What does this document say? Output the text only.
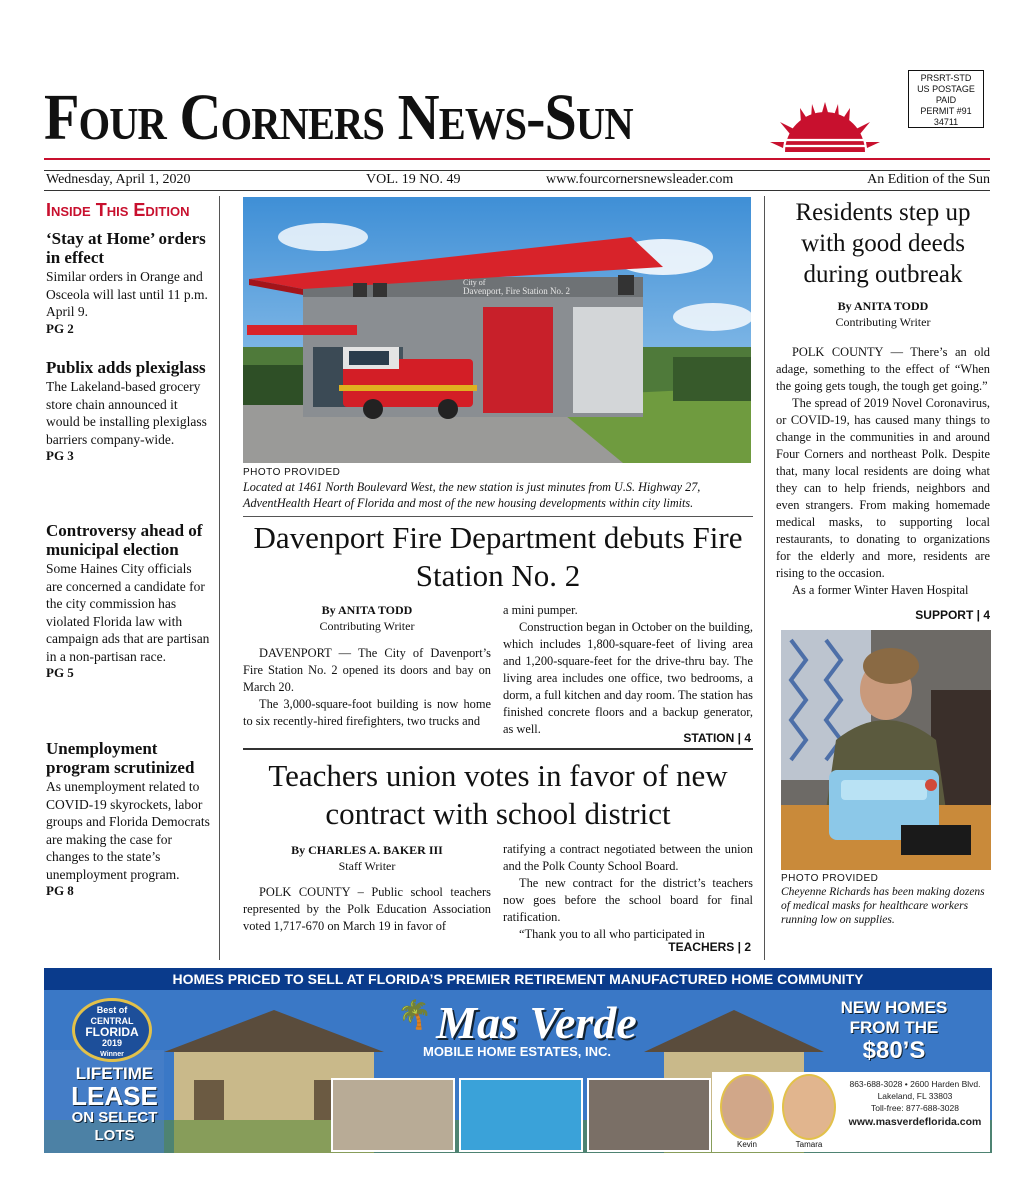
Four Corners News-Sun
PRSRT-STD
US POSTAGE
PAID
PERMIT #91
34711
Wednesday, April 1, 2020	VOL. 19 NO. 49	www.fourcornersnewsleader.com	An Edition of the Sun
Inside This Edition
‘Stay at Home’ orders in effect
Similar orders in Orange and Osceola will last until 11 p.m. April 9.
PG 2
Publix adds plexiglass
The Lakeland-based grocery store chain announced it would be installing plexiglass barriers company-wide.
PG 3
Controversy ahead of municipal election
Some Haines City officials are concerned a candidate for the city commission has violated Florida law with campaign ads that are partisan in a non-partisan race.
PG 5
Unemployment program scrutinized
As unemployment related to COVID-19 skyrockets, labor groups and Florida Democrats are making the case for changes to the state’s unemployment program.
PG 8
City of
Davenport, Fire Station No. 2
PHOTO PROVIDED
Located at 1461 North Boulevard West, the new station is just minutes from U.S. Highway 27, AdventHealth Heart of Florida and most of the new housing developments within city limits.
Davenport Fire Department debuts Fire Station No. 2
By ANITA TODD
Contributing Writer

DAVENPORT — The City of Davenport’s Fire Station No. 2 opened its doors and bay on March 20.

The 3,000-square-foot building is now home to six recently-hired firefighters, two trucks and

a mini pumper.

Construction began in October on the building, which includes 1,800-square-feet of living area and 1,200-square-feet for the drive-thru bay. The living area includes one office, two bedrooms, a dorm, a full kitchen and day room. The station has finished concrete floors and a backup generator, as well.

STATION | 4
Teachers union votes in favor of new contract with school district
By CHARLES A. BAKER III
Staff Writer

POLK COUNTY – Public school teachers represented by the Polk Education Association voted 1,717-670 on March 19 in favor of

ratifying a contract negotiated between the union and the Polk County School Board.

The new contract for the district’s teachers now goes before the school board for final ratification.

“Thank you to all who participated in

TEACHERS | 2
Residents step up with good deeds during outbreak
By ANITA TODD
Contributing Writer

POLK COUNTY — There’s an old adage, something to the effect of “When the going gets tough, the tough get going.”

The spread of 2019 Novel Coronavirus, or COVID-19, has caused many things to change in the communities in and around Four Corners and northeast Polk. Despite that, many local residents are doing what they can to help friends, neighbors and even strangers. From making homemade medical masks, to supporting local restaurants, to donating to organizations for the elderly and more, residents are rising to the occasion.

As a former Winter Haven Hospital

SUPPORT | 4
PHOTO PROVIDED
Cheyenne Richards has been making dozens of medical masks for healthcare workers running low on supplies.
HOMES PRICED TO SELL AT FLORIDA’S PREMIER RETIREMENT MANUFACTURED HOME COMMUNITY
Best of
CENTRAL
FLORIDA
2019
Winner
LIFETIME
LEASE
ON SELECT
LOTS
🌴 Mas Verde
MOBILE HOME ESTATES, INC.
NEW HOMES
FROM THE
$80’S
Kevin	Tamara
863-688-3028 • 2600 Harden Blvd.
Lakeland, FL 33803
Toll-free: 877-688-3028
www.masverdeflorida.com
